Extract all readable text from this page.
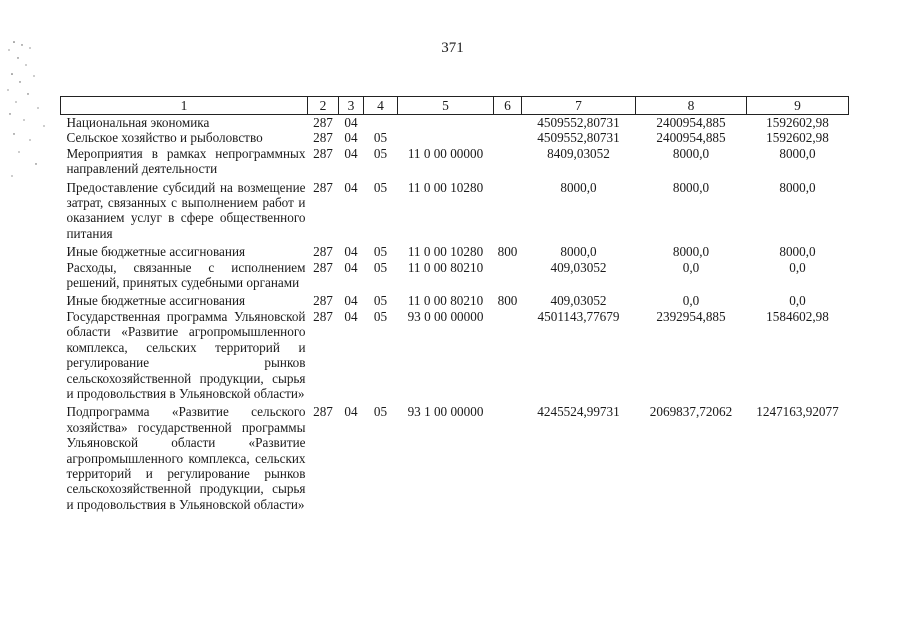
371
1	2	3	4	5	6	7	8	9
Национальная экономика	287	04				4509552,80731	2400954,885	1592602,98
Сельское хозяйство и рыболовство	287	04	05			4509552,80731	2400954,885	1592602,98
Мероприятия в рамках непрограммных направлений деятельности	287	04	05	11 0 00 00000		8409,03052	8000,0	8000,0
Предоставление субсидий на возмещение затрат, связанных с выполнением работ и оказанием услуг в сфере общественного питания	287	04	05	11 0 00 10280		8000,0	8000,0	8000,0
Иные бюджетные ассигнования	287	04	05	11 0 00 10280	800	8000,0	8000,0	8000,0
Расходы, связанные с исполнением решений, принятых судебными органами	287	04	05	11 0 00 80210		409,03052	0,0	0,0
Иные бюджетные ассигнования	287	04	05	11 0 00 80210	800	409,03052	0,0	0,0
Государственная программа Ульяновской области «Развитие агропромышленного комплекса, сельских территорий и регулирование рынков сельскохозяйственной продукции, сырья и продовольствия в Ульяновской области»	287	04	05	93 0 00 00000		4501143,77679	2392954,885	1584602,98
Подпрограмма «Развитие сельского хозяйства» государственной программы Ульяновской области «Развитие агропромышленного комплекса, сельских территорий и регулирование рынков сельскохозяйственной продукции, сырья и продовольствия в Ульяновской области»	287	04	05	93 1 00 00000		4245524,99731	2069837,72062	1247163,92077
